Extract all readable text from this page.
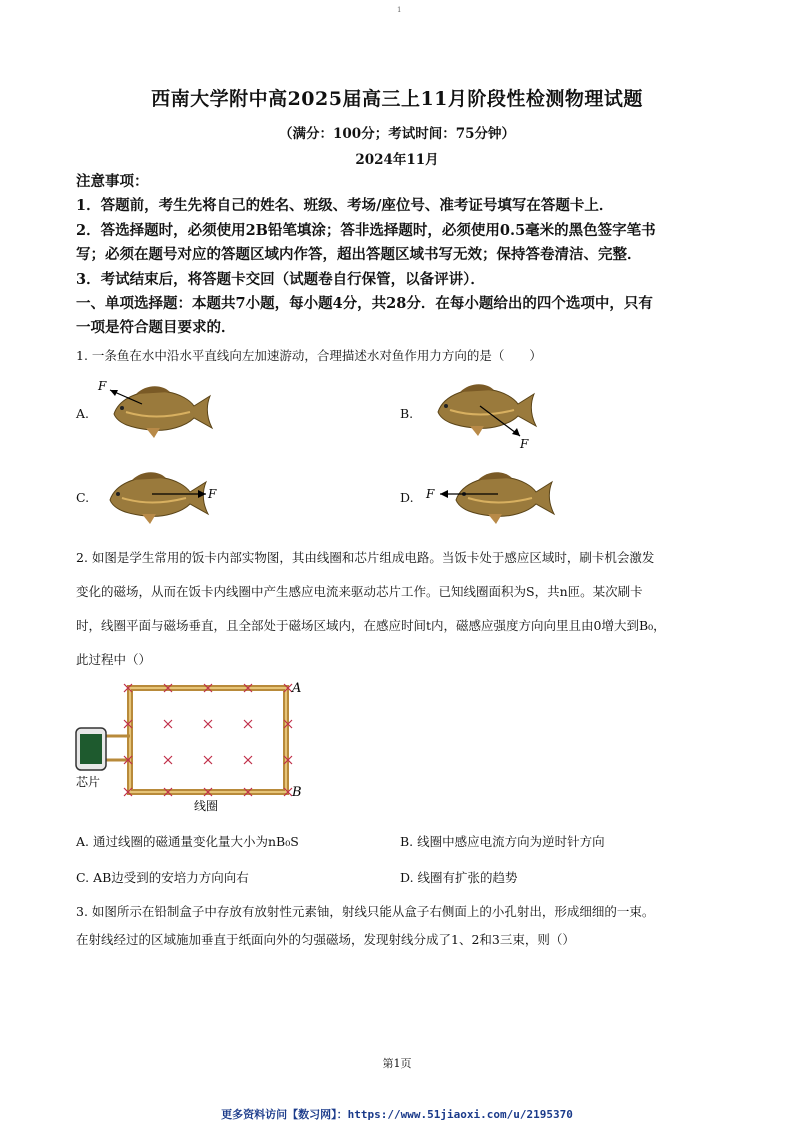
1
西南大学附中高2025届高三上11月阶段性检测物理试题
（满分：100分；考试时间：75分钟）
2024年11月
注意事项：
1．答题前，考生先将自己的姓名、班级、考场/座位号、准考证号填写在答题卡上．
2．答选择题时，必须使用2B铅笔填涂；答非选择题时，必须使用0.5毫米的黑色签字笔书
写；必须在题号对应的答题区域内作答，超出答题区域书写无效；保持答卷清洁、完整．
3．考试结束后，将答题卡交回（试题卷自行保管，以备评讲）．
一、单项选择题：本题共7小题，每小题4分，共28分．在每小题给出的四个选项中，只有
一项是符合题目要求的．
1. 一条鱼在水中沿水平直线向左加速游动，合理描述水对鱼作用力方向的是（　　）
A.
F
B.
F
C.	F	D. F
2. 如图是学生常用的饭卡内部实物图，其由线圈和芯片组成电路。当饭卡处于感应区域时，刷卡机会激发
变化的磁场，从而在饭卡内线圈中产生感应电流来驱动芯片工作。已知线圈面积为S，共n匝。某次刷卡
时，线圈平面与磁场垂直，且全部处于磁场区域内，在感应时间t内，磁感应强度方向向里且由0增大到B₀，
此过程中（）
A
B
芯片
线圈
A. 通过线圈的磁通量变化量大小为nB₀S	B. 线圈中感应电流方向为逆时针方向
C. AB边受到的安培力方向向右	D. 线圈有扩张的趋势
3. 如图所示在铅制盒子中存放有放射性元素铀，射线只能从盒子右侧面上的小孔射出，形成细细的一束。
在射线经过的区域施加垂直于纸面向外的匀强磁场，发现射线分成了1、2和3三束，则（）
第1页
更多资料访问【数习网】：https://www.51jiaoxi.com/u/2195370
